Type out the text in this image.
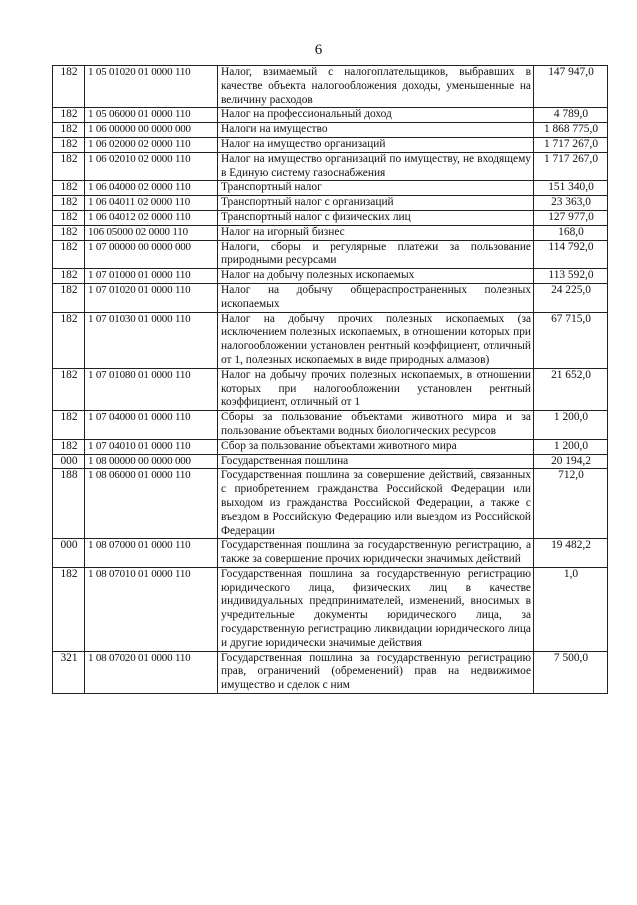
6
182	1 05 01020 01 0000 110	Налог, взимаемый с налогоплательщиков, выбравших в качестве объекта налогообложения доходы, уменьшенные на величину расходов	147 947,0
182	1 05 06000 01 0000 110	Налог на профессиональный доход	4 789,0
182	1 06 00000 00 0000 000	Налоги на имущество	1 868 775,0
182	1 06 02000 02 0000 110	Налог на имущество организаций	1 717 267,0
182	1 06 02010 02 0000 110	Налог на имущество организаций по имуществу, не входящему в Единую систему газоснабжения	1 717 267,0
182	1 06 04000 02 0000 110	Транспортный налог	151 340,0
182	1 06 04011 02 0000 110	Транспортный налог с организаций	23 363,0
182	1 06 04012 02 0000 110	Транспортный налог с физических лиц	127 977,0
182	106 05000 02 0000 110	Налог на игорный бизнес	168,0
182	1 07 00000 00 0000 000	Налоги, сборы и регулярные платежи за пользование природными ресурсами	114 792,0
182	1 07 01000 01 0000 110	Налог на добычу полезных ископаемых	113 592,0
182	1 07 01020 01 0000 110	Налог на добычу общераспространенных полезных ископаемых	24 225,0
182	1 07 01030 01 0000 110	Налог на добычу прочих полезных ископаемых (за исключением полезных ископаемых, в отношении которых при налогообложении установлен рентный коэффициент, отличный от 1, полезных ископаемых в виде природных алмазов)	67 715,0
182	1 07 01080 01 0000 110	Налог на добычу прочих полезных ископаемых, в отношении которых при налогообложении установлен рентный коэффициент, отличный от 1	21 652,0
182	1 07 04000 01 0000 110	Сборы за пользование объектами животного мира и за пользование объектами водных биологических ресурсов	1 200,0
182	1 07 04010 01 0000 110	Сбор за пользование объектами животного мира	1 200,0
000	1 08 00000 00 0000 000	Государственная пошлина	20 194,2
188	1 08 06000 01 0000 110	Государственная пошлина за совершение действий, связанных с приобретением гражданства Российской Федерации или выходом из гражданства Российской Федерации, а также с въездом в Российскую Федерацию или выездом из Российской Федерации	712,0
000	1 08 07000 01 0000 110	Государственная пошлина за государственную регистрацию, а также за совершение прочих юридически значимых действий	19 482,2
182	1 08 07010 01 0000 110	Государственная пошлина за государственную регистрацию юридического лица, физических лиц в качестве индивидуальных предпринимателей, изменений, вносимых в учредительные документы юридического лица, за государственную регистрацию ликвидации юридического лица и другие юридически значимые действия	1,0
321	1 08 07020 01 0000 110	Государственная пошлина за государственную регистрацию прав, ограничений (обременений) прав на недвижимое имущество и сделок с ним	7 500,0
